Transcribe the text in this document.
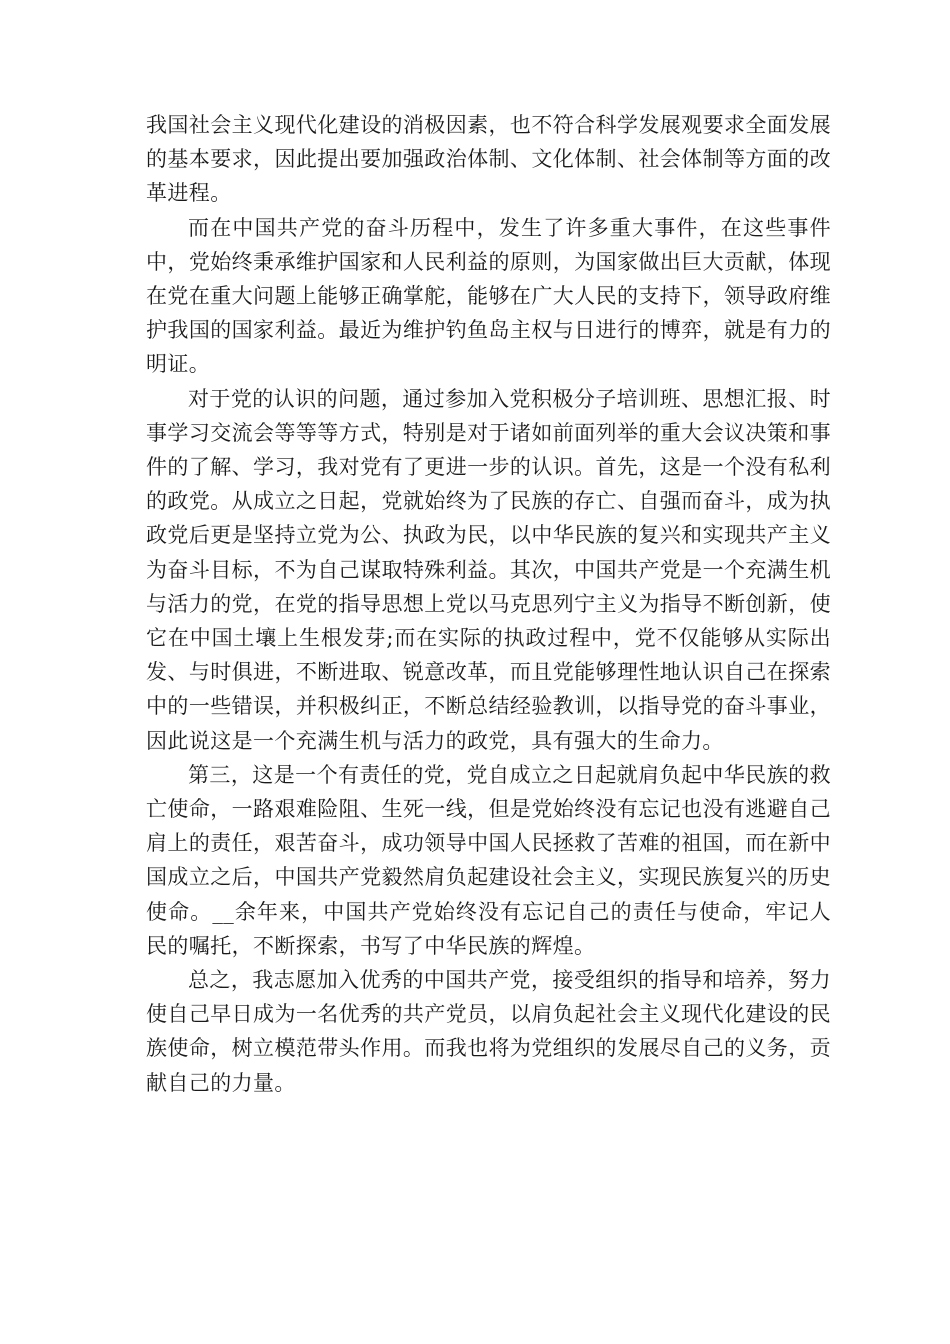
我国社会主义现代化建设的消极因素，也不符合科学发展观要求全面发展的基本要求，因此提出要加强政治体制、文化体制、社会体制等方面的改革进程。

而在中国共产党的奋斗历程中，发生了许多重大事件，在这些事件中，党始终秉承维护国家和人民利益的原则，为国家做出巨大贡献，体现在党在重大问题上能够正确掌舵，能够在广大人民的支持下，领导政府维护我国的国家利益。最近为维护钓鱼岛主权与日进行的博弈，就是有力的明证。

对于党的认识的问题，通过参加入党积极分子培训班、思想汇报、时事学习交流会等等等方式，特别是对于诸如前面列举的重大会议决策和事件的了解、学习，我对党有了更进一步的认识。首先，这是一个没有私利的政党。从成立之日起，党就始终为了民族的存亡、自强而奋斗，成为执政党后更是坚持立党为公、执政为民，以中华民族的复兴和实现共产主义为奋斗目标，不为自己谋取特殊利益。其次，中国共产党是一个充满生机与活力的党，在党的指导思想上党以马克思列宁主义为指导不断创新，使它在中国土壤上生根发芽;而在实际的执政过程中，党不仅能够从实际出发、与时俱进，不断进取、锐意改革，而且党能够理性地认识自己在探索中的一些错误，并积极纠正，不断总结经验教训，以指导党的奋斗事业，因此说这是一个充满生机与活力的政党，具有强大的生命力。

第三，这是一个有责任的党，党自成立之日起就肩负起中华民族的救亡使命，一路艰难险阻、生死一线，但是党始终没有忘记也没有逃避自己肩上的责任，艰苦奋斗，成功领导中国人民拯救了苦难的祖国，而在新中国成立之后，中国共产党毅然肩负起建设社会主义，实现民族复兴的历史使命。__余年来，中国共产党始终没有忘记自己的责任与使命，牢记人民的嘱托，不断探索，书写了中华民族的辉煌。

总之，我志愿加入优秀的中国共产党，接受组织的指导和培养，努力使自己早日成为一名优秀的共产党员，以肩负起社会主义现代化建设的民族使命，树立模范带头作用。而我也将为党组织的发展尽自己的义务，贡献自己的力量。
